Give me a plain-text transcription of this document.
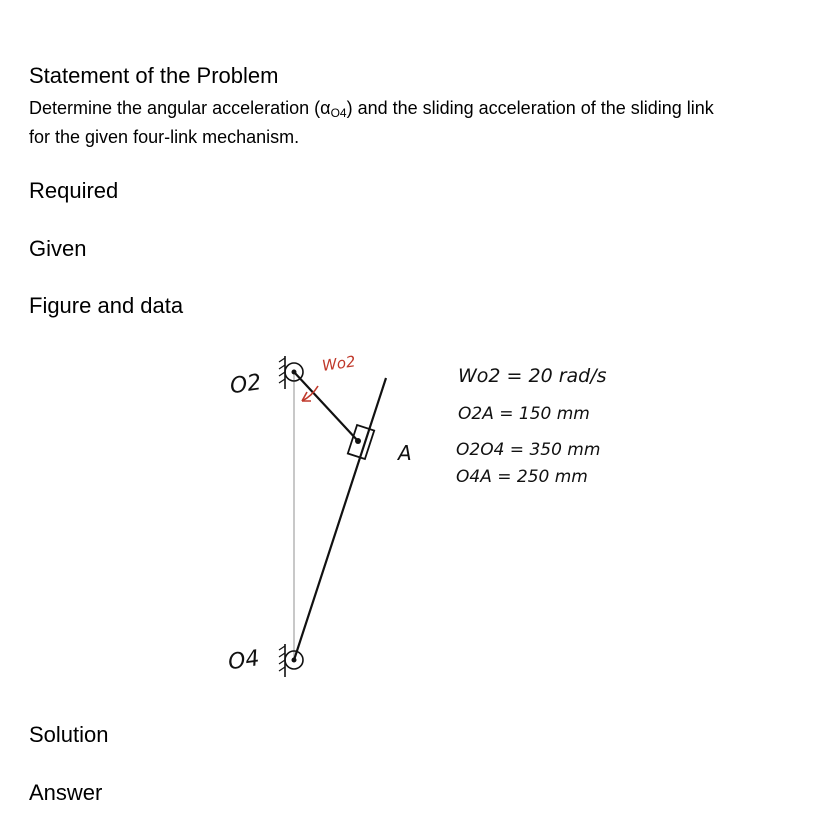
Statement of the Problem
Determine the angular acceleration $(\alpha_{O4})$ and the sliding acceleration of the sliding link
for the given four-link mechanism.
Required
Given
Figure and data
O2
O4
A
Wo2
Wo2 = 20 rad/s
O2A = 150 mm
O2O4 = 350 mm
O4A = 250 mm
Solution
Answer
